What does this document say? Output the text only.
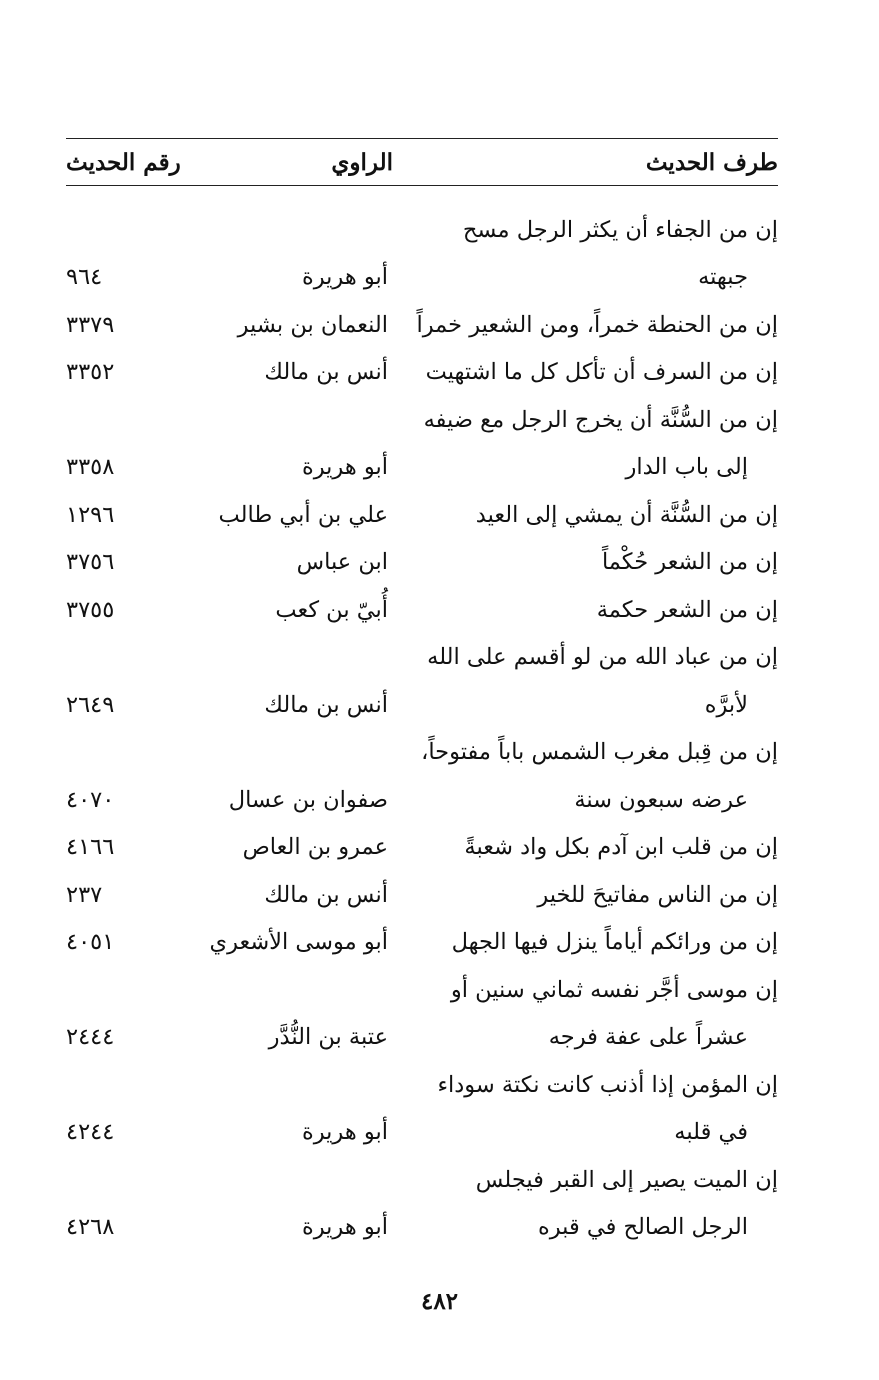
طرف الحديث
الراوي
رقم الحديث
إن من الجفاء أن يكثر الرجل مسح
جبهته
أبو هريرة
٩٦٤
إن من الحنطة خمراً، ومن الشعير خمراً
النعمان بن بشير
٣٣٧٩
إن من السرف أن تأكل كل ما اشتهيت
أنس بن مالك
٣٣٥٢
إن من السُّنَّة أن يخرج الرجل مع ضيفه
إلى باب الدار
أبو هريرة
٣٣٥٨
إن من السُّنَّة أن يمشي إلى العيد
علي بن أبي طالب
١٢٩٦
إن من الشعر حُكْماً
ابن عباس
٣٧٥٦
إن من الشعر حكمة
أُبيّ بن كعب
٣٧٥٥
إن من عباد الله من لو أقسم على الله
لأبرَّه
أنس بن مالك
٢٦٤٩
إن من قِبل مغرب الشمس باباً مفتوحاً،
عرضه سبعون سنة
صفوان بن عسال
٤٠٧٠
إن من قلب ابن آدم بكل واد شعبةً
عمرو بن العاص
٤١٦٦
إن من الناس مفاتيحَ للخير
أنس بن مالك
٢٣٧
إن من ورائكم أياماً ينزل فيها الجهل
أبو موسى الأشعري
٤٠٥١
إن موسى أجَّر نفسه ثماني سنين أو
عشراً على عفة فرجه
عتبة بن النُّدَّر
٢٤٤٤
إن المؤمن إذا أذنب كانت نكتة سوداء
في قلبه
أبو هريرة
٤٢٤٤
إن الميت يصير إلى القبر فيجلس
الرجل الصالح في قبره
أبو هريرة
٤٢٦٨
٤٨٢
